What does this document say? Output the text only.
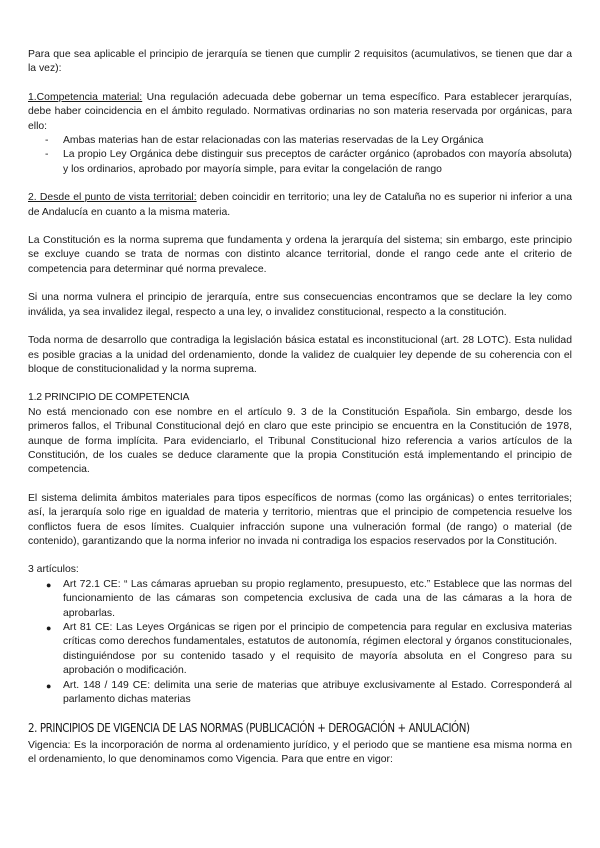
Para que sea aplicable el principio de jerarquía se tienen que cumplir 2 requisitos (acumulativos, se tienen que dar a la vez):

1.Competencia material: Una regulación adecuada debe gobernar un tema específico. Para establecer jerarquías, debe haber coincidencia en el ámbito regulado. Normativas ordinarias no son materia reservada por orgánicas, para ello:

- Ambas materias han de estar relacionadas con las materias reservadas de la Ley Orgánica
- La propio Ley Orgánica debe distinguir sus preceptos de carácter orgánico (aprobados con mayoría absoluta) y los ordinarios, aprobado por mayoría simple, para evitar la congelación de rango

2. Desde el punto de vista territorial: deben coincidir en territorio; una ley de Cataluña no es superior ni inferior a una de Andalucía en cuanto a la misma materia.

La Constitución es la norma suprema que fundamenta y ordena la jerarquía del sistema; sin embargo, este principio se excluye cuando se trata de normas con distinto alcance territorial, donde el rango cede ante el criterio de competencia para determinar qué norma prevalece.

Si una norma vulnera el principio de jerarquía, entre sus consecuencias encontramos que se declare la ley como inválida, ya sea invalidez ilegal, respecto a una ley, o invalidez constitucional, respecto a la constitución.

Toda norma de desarrollo que contradiga la legislación básica estatal es inconstitucional (art. 28 LOTC). Esta nulidad es posible gracias a la unidad del ordenamiento, donde la validez de cualquier ley depende de su coherencia con el bloque de constitucionalidad y la norma suprema.

1.2 PRINCIPIO DE COMPETENCIA

No está mencionado con ese nombre en el artículo 9. 3 de la Constitución Española. Sin embargo, desde los primeros fallos, el Tribunal Constitucional dejó en claro que este principio se encuentra en la Constitución de 1978, aunque de forma implícita. Para evidenciarlo, el Tribunal Constitucional hizo referencia a varios artículos de la Constitución, de los cuales se deduce claramente que la propia Constitución está implementando el principio de competencia.

El sistema delimita ámbitos materiales para tipos específicos de normas (como las orgánicas) o entes territoriales; así, la jerarquía solo rige en igualdad de materia y territorio, mientras que el principio de competencia resuelve los conflictos fuera de esos límites. Cualquier infracción supone una vulneración formal (de rango) o material (de contenido), garantizando que la norma inferior no invada ni contradiga los espacios reservados por la Constitución.

3 artículos:

● Art 72.1 CE: “ Las cámaras aprueban su propio reglamento, presupuesto, etc.” Establece que las normas del funcionamiento de las cámaras son competencia exclusiva de cada una de las cámaras a la hora de aprobarlas.
● Art 81 CE: Las Leyes Orgánicas se rigen por el principio de competencia para regular en exclusiva materias críticas como derechos fundamentales, estatutos de autonomía, régimen electoral y órganos constitucionales, distinguiéndose por su contenido tasado y el requisito de mayoría absoluta en el Congreso para su aprobación o modificación.
● Art. 148 / 149 CE: delimita una serie de materias que atribuye exclusivamente al Estado. Corresponderá al parlamento dichas materias

2. PRINCIPIOS DE VIGENCIA DE LAS NORMAS (PUBLICACIÓN + DEROGACIÓN + ANULACIÓN)

Vigencia: Es la incorporación de norma al ordenamiento jurídico, y el periodo que se mantiene esa misma norma en el ordenamiento, lo que denominamos como Vigencia. Para que entre en vigor:
